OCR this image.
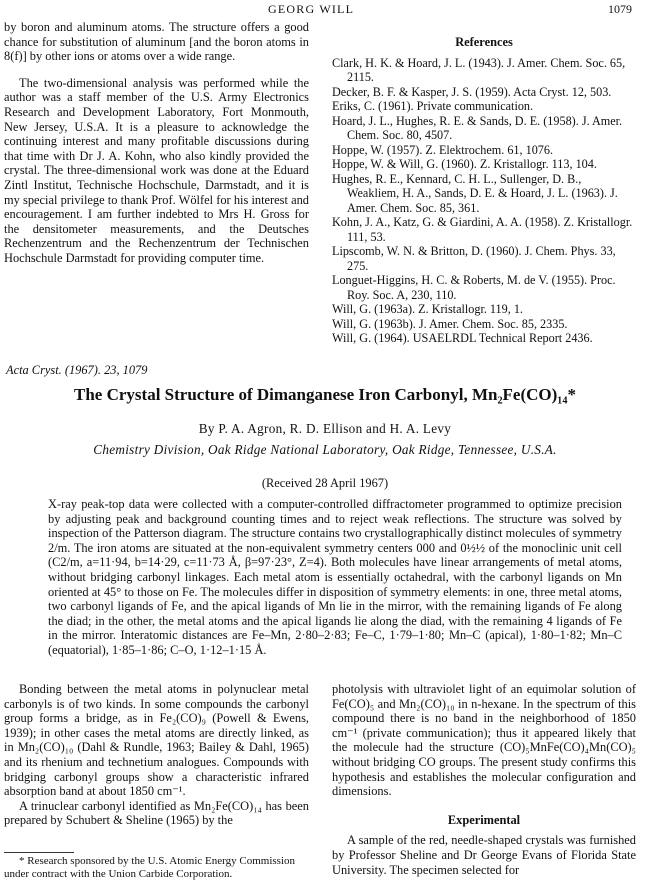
GEORG WILL	1079

by boron and aluminum atoms. The structure offers a good chance for substitution of aluminum [and the boron atoms in 8(f)] by other ions or atoms over a wide range.

The two-dimensional analysis was performed while the author was a staff member of the U.S. Army Electronics Research and Development Laboratory, Fort Monmouth, New Jersey, U.S.A. It is a pleasure to acknowledge the continuing interest and many profitable discussions during that time with Dr J. A. Kohn, who also kindly provided the crystal. The three-dimensional work was done at the Eduard Zintl Institut, Technische Hochschule, Darmstadt, and it is my special privilege to thank Prof. Wölfel for his interest and encouragement. I am further indebted to Mrs H. Gross for the densitometer measurements, and the Deutsches Rechenzentrum and the Rechenzentrum der Technischen Hochschule Darmstadt for providing computer time.

References
Clark, H. K. & Hoard, J. L. (1943). J. Amer. Chem. Soc. 65, 2115.
Decker, B. F. & Kasper, J. S. (1959). Acta Cryst. 12, 503.
Eriks, C. (1961). Private communication.
Hoard, J. L., Hughes, R. E. & Sands, D. E. (1958). J. Amer. Chem. Soc. 80, 4507.
Hoppe, W. (1957). Z. Elektrochem. 61, 1076.
Hoppe, W. & Will, G. (1960). Z. Kristallogr. 113, 104.
Hughes, R. E., Kennard, C. H. L., Sullenger, D. B., Weakliem, H. A., Sands, D. E. & Hoard, J. L. (1963). J. Amer. Chem. Soc. 85, 361.
Kohn, J. A., Katz, G. & Giardini, A. A. (1958). Z. Kristallogr. 111, 53.
Lipscomb, W. N. & Britton, D. (1960). J. Chem. Phys. 33, 275.
Longuet-Higgins, H. C. & Roberts, M. de V. (1955). Proc. Roy. Soc. A, 230, 110.
Will, G. (1963a). Z. Kristallogr. 119, 1.
Will, G. (1963b). J. Amer. Chem. Soc. 85, 2335.
Will, G. (1964). USAELRDL Technical Report 2436.
Acta Cryst. (1967). 23, 1079
The Crystal Structure of Dimanganese Iron Carbonyl, Mn₂Fe(CO)₁₄*
By P. A. Agron, R. D. Ellison and H. A. Levy
Chemistry Division, Oak Ridge National Laboratory, Oak Ridge, Tennessee, U.S.A.
(Received 28 April 1967)
X-ray peak-top data were collected with a computer-controlled diffractometer programmed to optimize precision by adjusting peak and background counting times and to reject weak reflections. The structure was solved by inspection of the Patterson diagram. The structure contains two crystallographically distinct molecules of symmetry 2/m. The iron atoms are situated at the non-equivalent symmetry centers 000 and 0½½ of the monoclinic unit cell (C2/m, a=11·94, b=14·29, c=11·73 Å, β=97·23°, Z=4). Both molecules have linear arrangements of metal atoms, without bridging carbonyl linkages. Each metal atom is essentially octahedral, with the carbonyl ligands on Mn oriented at 45° to those on Fe. The molecules differ in disposition of symmetry elements: in one, three metal atoms, two carbonyl ligands of Fe, and the apical ligands of Mn lie in the mirror, with the remaining ligands of Fe along the diad; in the other, the metal atoms and the apical ligands lie along the diad, with the remaining 4 ligands of Fe in the mirror. Interatomic distances are Fe–Mn, 2·80–2·83; Fe–C, 1·79–1·80; Mn–C (apical), 1·80–1·82; Mn–C (equatorial), 1·85–1·86; C–O, 1·12–1·15 Å.

Bonding between the metal atoms in polynuclear metal carbonyls is of two kinds. In some compounds the carbonyl group forms a bridge, as in Fe₂(CO)₉ (Powell & Ewens, 1939); in other cases the metal atoms are directly linked, as in Mn₂(CO)₁₀ (Dahl & Rundle, 1963; Bailey & Dahl, 1965) and its rhenium and technetium analogues. Compounds with bridging carbonyl groups show a characteristic infrared absorption band at about 1850 cm⁻¹.

A trinuclear carbonyl identified as Mn₂Fe(CO)₁₄ has been prepared by Schubert & Sheline (1965) by the

photolysis with ultraviolet light of an equimolar solution of Fe(CO)₅ and Mn₂(CO)₁₀ in n-hexane. In the spectrum of this compound there is no band in the neighborhood of 1850 cm⁻¹ (private communication); thus it appeared likely that the molecule had the structure (CO)₅MnFe(CO)₄Mn(CO)₅ without bridging CO groups. The present study confirms this hypothesis and establishes the molecular configuration and dimensions.

Experimental

A sample of the red, needle-shaped crystals was furnished by Professor Sheline and Dr George Evans of Florida State University. The specimen selected for

* Research sponsored by the U.S. Atomic Energy Commission under contract with the Union Carbide Corporation.
